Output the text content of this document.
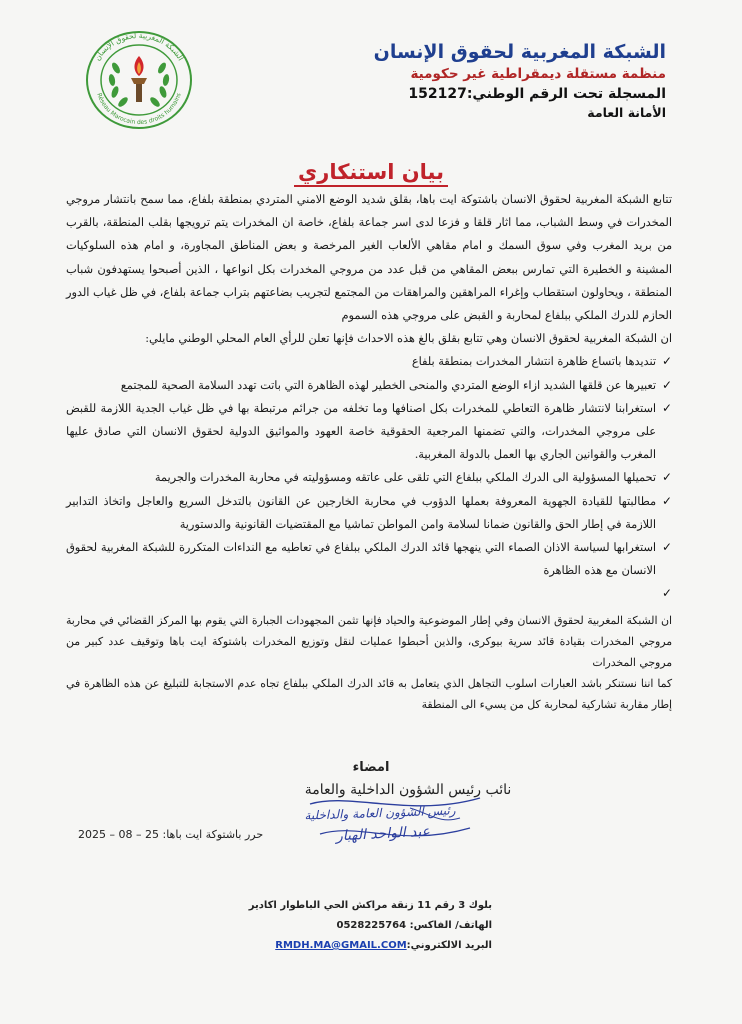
الشبكة المغربية لحقوق الإنسان
Réseau Marocain des droits humains
الشبكة المغربية لحقوق الإنسان
منظمة مستقلة ديمقراطية غير حكومية
المسجلة تحت الرقم الوطني:152127
الأمانة العامة
بيان استنكاري

تتابع الشبكة المغربية لحقوق الانسان باشتوكة ايت باها، بقلق شديد الوضع الامني المتردي بمنطقة بلفاع، مما سمح بانتشار مروجي المخدرات في وسط الشباب، مما اثار قلقا و فزعا لدى اسر جماعة بلفاع، خاصة ان المخدرات يتم ترويجها بقلب المنطقة، بالقرب من بريد المغرب وفي سوق السمك و امام مقاهي الألعاب الغير المرخصة و بعض المناطق المجاورة، و امام هذه السلوكيات المشينة و الخطيرة التي تمارس ببعض المقاهي من قبل عدد من مروجي المخدرات بكل انواعها ، الذين أصبحوا يستهدفون شباب المنطقة ، ويحاولون استقطاب وإغراء المراهقين والمراهقات من المجتمع لتجريب بضاعتهم بتراب جماعة بلفاع، في ظل غياب الدور الحازم للدرك الملكي ببلفاع لمحاربة و القبض على مروجي هذه السموم

ان الشبكة المغربية لحقوق الانسان وهي تتابع بقلق بالغ هذه الاحداث فإنها تعلن للرأي العام المحلي الوطني مايلي:

✓
تنديدها باتساع ظاهرة انتشار المخدرات بمنطقة بلفاع
✓
تعبيرها عن قلقها الشديد ازاء الوضع المتردي والمنحى الخطير لهذه الظاهرة التي باتت تهدد السلامة الصحية للمجتمع
✓
استغرابنا لانتشار ظاهرة التعاطي للمخدرات بكل اصنافها وما تخلفه من جرائم مرتبطة بها في ظل غياب الجدية اللازمة للقبض على مروجي المخدرات، والتي تضمنها المرجعية الحقوقية خاصة العهود والمواثيق الدولية لحقوق الانسان التي صادق عليها المغرب والقوانين الجاري بها العمل بالدولة المغربية.
✓
تحميلها المسؤولية الى الدرك الملكي ببلفاع التي تلقى على عاتقه ومسؤوليته في محاربة المخدرات والجريمة
✓
مطالبتها للقيادة الجهوية المعروفة بعملها الدؤوب في محاربة الخارجين عن القانون بالتدخل السريع والعاجل واتخاذ التدابير اللازمة في إطار الحق والقانون ضمانا لسلامة وامن المواطن تماشيا مع المقتضيات القانونية والدستورية
✓
استغرابها لسياسة الاذان الصماء التي ينهجها قائد الدرك الملكي ببلفاع في تعاطيه مع النداءات المتكررة للشبكة المغربية لحقوق الانسان مع هذه الظاهرة
✓

ان الشبكة المغربية لحقوق الانسان وفي إطار الموضوعية والحياد فإنها تثمن المجهودات الجبارة التي يقوم بها المركز القضائي في محاربة مروجي المخدرات بقيادة قائد سرية بيوكرى، والذين أحبطوا عمليات لنقل وتوزيع المخدرات باشتوكة ايت باها وتوقيف عدد كبير من مروجي المخدرات

كما اننا نستنكر باشد العبارات اسلوب التجاهل الذي يتعامل به قائد الدرك الملكي ببلفاع تجاه عدم الاستجابة للتبليغ عن هذه الظاهرة في إطار مقاربة تشاركية لمحاربة كل من يسيء الى المنطقة

امضاء
نائب رئيس الشؤون الداخلية والعامة
رئيس الشؤون العامة والداخلية
عبد الواحد الهبار
حرر باشتوكة ايت باها: 25 – 08 – 2025
بلوك 3 رقم 11 زنقة مراكش الحي الباطوار اكادير
الهاتف/ الفاكس: 0528225764
البريد الالكتروني:RMDH.MA@GMAIL.COM
